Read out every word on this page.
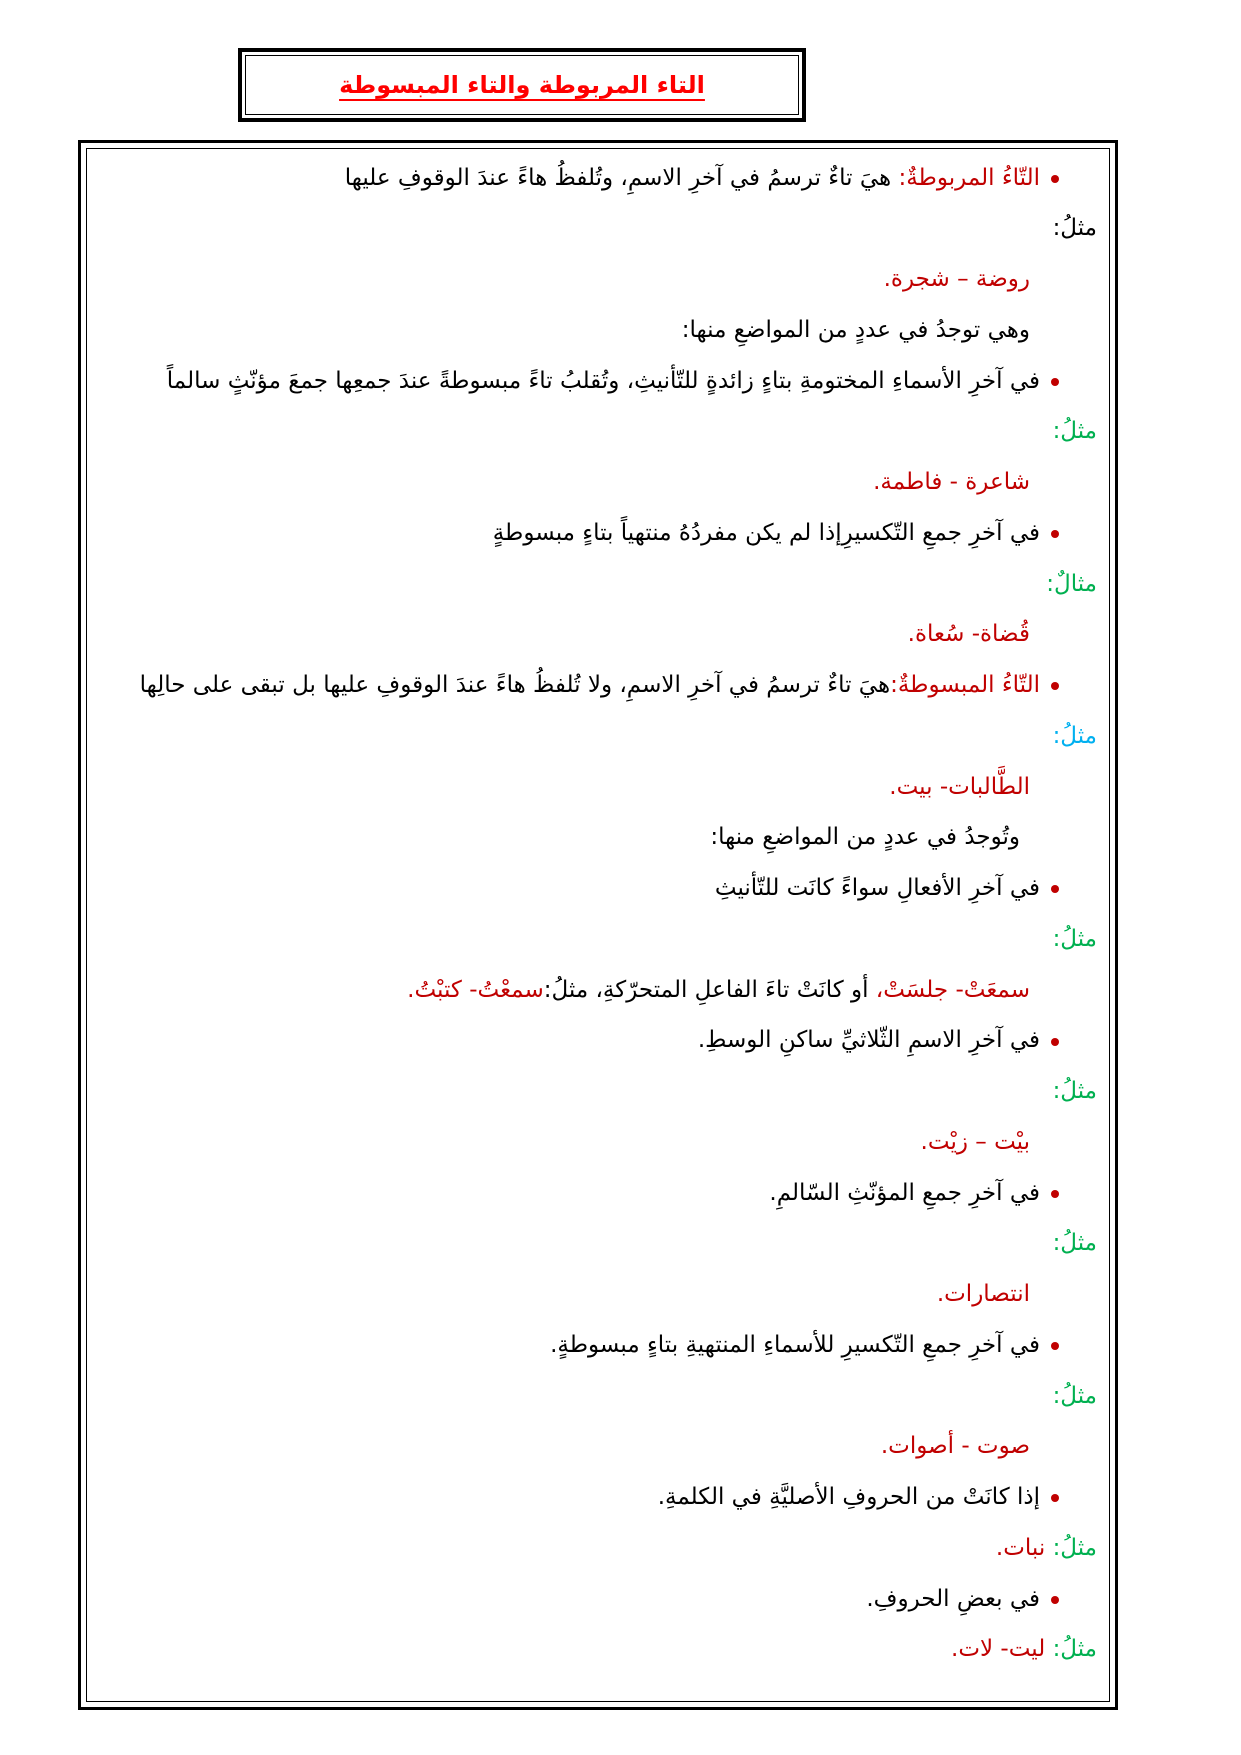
التاء المربوطة والتاء المبسوطة
التّاءُ المربوطةٌ: هيَ تاءٌ ترسمُ في آخرِ الاسمِ، وتُلفظُ هاءً عندَ الوقوفِ عليها
مثلُ:
روضة – شجرة.
وهي توجدُ في عددٍ من المواضعِ منها:
في آخرِ الأسماءِ المختومةِ بتاءٍ زائدةٍ للتّأنيثِ، وتُقلبُ تاءً مبسوطةً عندَ جمعِها جمعَ مؤنّثٍ سالماً
مثلُ:
شاعرة - فاطمة.
في آخرِ جمعِ التّكسيرِإذا لم يكن مفردُهُ منتهياً بتاءٍ مبسوطةٍ
مثالٌ:
قُضاة- سُعاة.
التّاءُ المبسوطةٌ:هيَ تاءٌ ترسمُ في آخرِ الاسمِ، ولا تُلفظُ هاءً عندَ الوقوفِ عليها بل تبقى على حالِها
مثلُ:
الطَّالبات- بيت.
وتُوجدُ في عددٍ من المواضعِ منها:
في آخرِ الأفعالِ سواءً كانَت للتّأنيثِ
مثلُ:
سمعَتْ- جلسَتْ، أو كانَتْ تاءَ الفاعلِ المتحرّكةِ، مثلُ:سمعْتُ- كتبْتُ.
في آخرِ الاسمِ الثّلاثيِّ ساكنِ الوسطِ.
مثلُ:
بيْت – زيْت.
في آخرِ جمعِ المؤنّثِ السّالمِ.
مثلُ:
انتصارات.
في آخرِ جمعِ التّكسيرِ للأسماءِ المنتهيةِ بتاءٍ مبسوطةٍ.
مثلُ:
صوت - أصوات.
إذا كانَتْ من الحروفِ الأصليَّةِ في الكلمةِ.
مثلُ: نبات.
في بعضِ الحروفِ.
مثلُ: ليت- لات.
